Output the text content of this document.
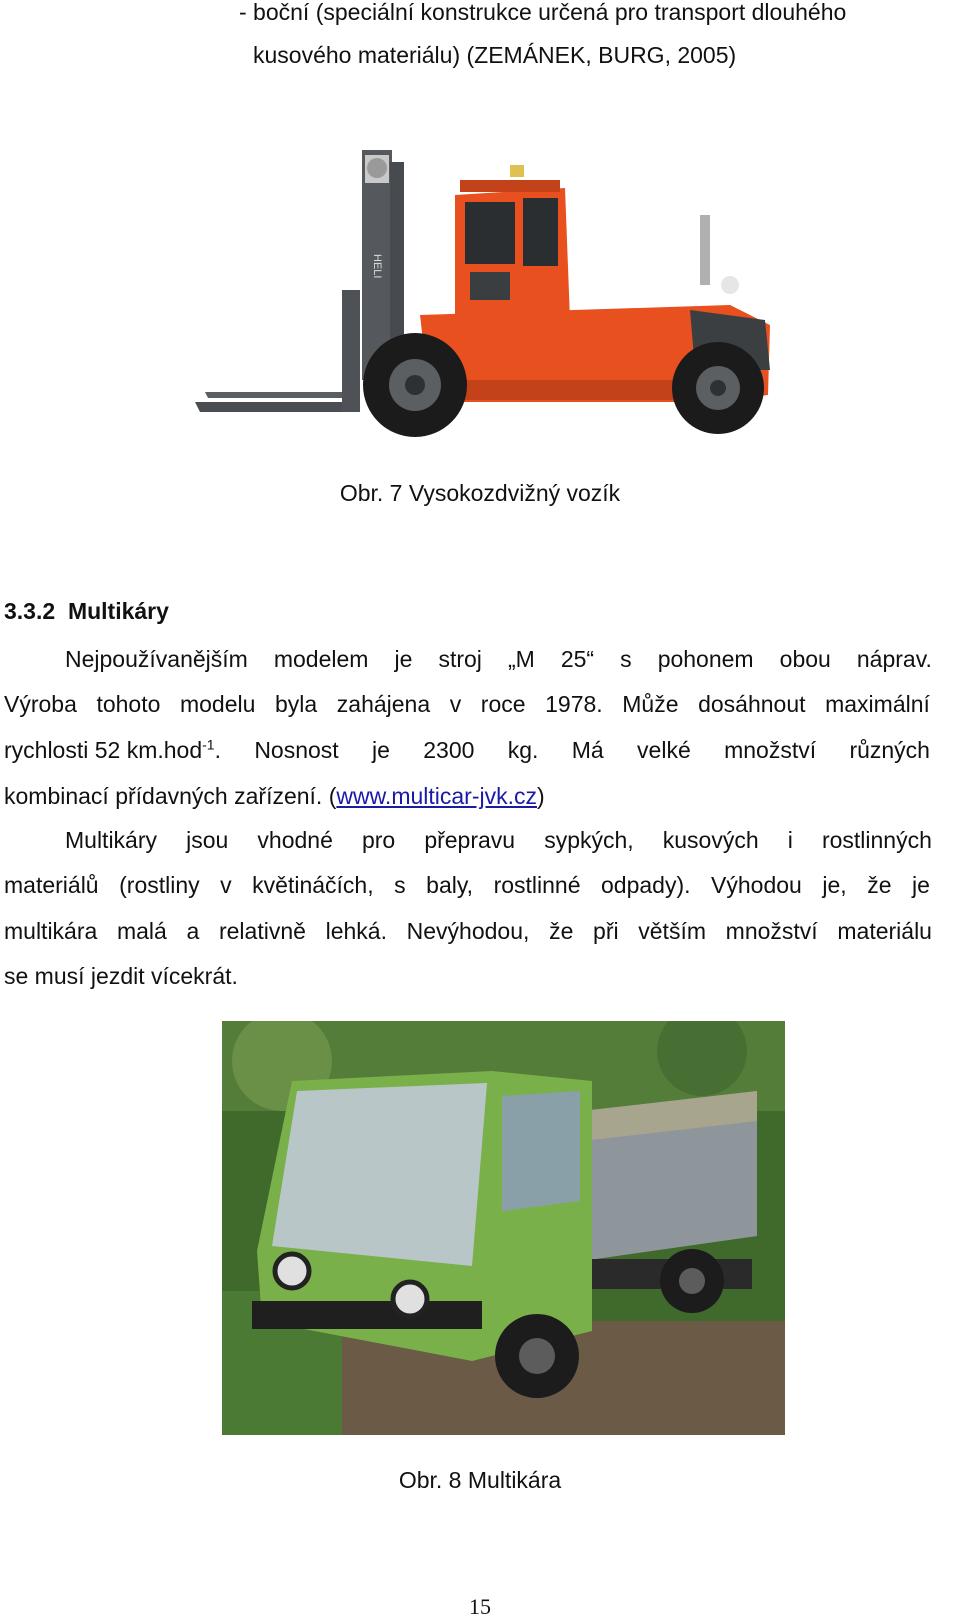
- boční (speciální konstrukce určená pro transport dlouhého
kusového materiálu) (ZEMÁNEK, BURG, 2005)
HELI
160
Obr. 7 Vysokozdvižný vozík
3.3.2 Multikáry
Nejpoužívanějším modelem je stroj „M 25“ s pohonem obou náprav.
Výroba tohoto modelu byla zahájena v roce 1978. Může dosáhnout maximální
rychlosti 52 km.hod$^{-1}$. Nosnost je 2300 kg. Má velké množství různých
kombinací přídavných zařízení. (www.multicar-jvk.cz)
Multikáry jsou vhodné pro přepravu sypkých, kusových i rostlinných
materiálů (rostliny v květináčích, s baly, rostlinné odpady). Výhodou je, že je
multikára malá a relativně lehká. Nevýhodou, že při větším množství materiálu
se musí jezdit vícekrát.
Obr. 8 Multikára
15
